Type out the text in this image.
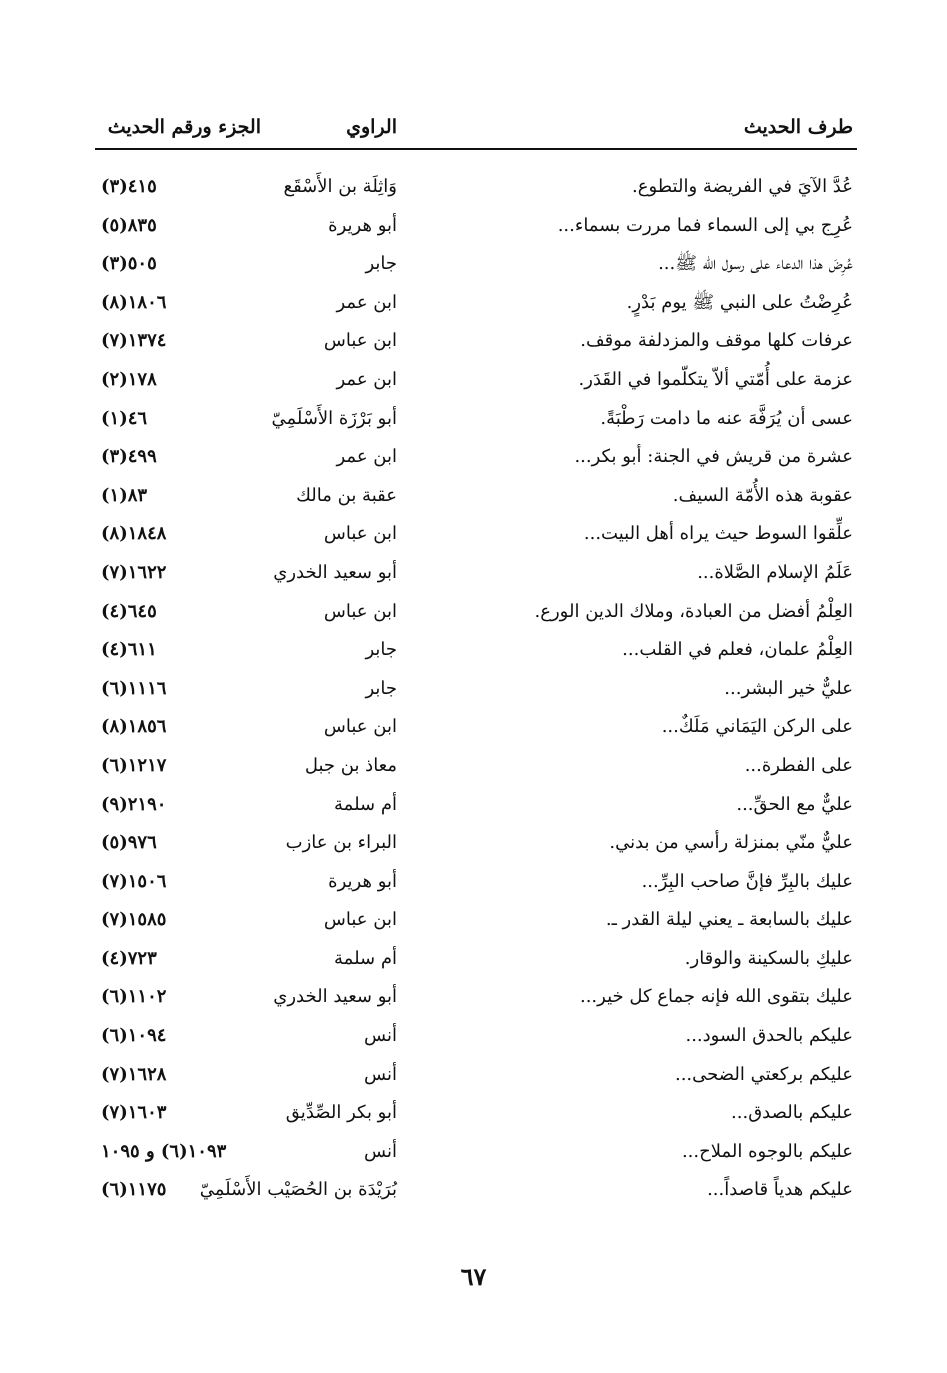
طرف الحديث
الراوي
الجزء ورقم الحديث
عُدَّ الآيَ في الفريضة والتطوع.
وَاثِلَة بن الأَسْقَع
٤١٥(٣)
عُرِج بي إلى السماء فما مررت بسماء...
أبو هريرة
٨٣٥(٥)
عُرِضَ هذا الدعاء على رسول الله ﷺ...
جابر
٥٠٥(٣)
عُرِضْتُ على النبي ﷺ يوم بَدْرٍ.
ابن عمر
١٨٠٦(٨)
عرفات كلها موقف والمزدلفة موقف.
ابن عباس
١٣٧٤(٧)
عزمة على أُمّتي ألاّ يتكلّموا في القَدَر.
ابن عمر
١٧٨(٢)
عسى أن يُرَفَّهَ عنه ما دامت رَطْبَةً.
أبو بَرْزَة الأَسْلَمِيّ
٤٦(١)
عشرة من قريش في الجنة: أبو بكر...
ابن عمر
٤٩٩(٣)
عقوبة هذه الأُمّة السيف.
عقبة بن مالك
٨٣(١)
علِّقوا السوط حيث يراه أهل البيت...
ابن عباس
١٨٤٨(٨)
عَلَمُ الإسلام الصَّلاة...
أبو سعيد الخدري
١٦٢٢(٧)
العِلْمُ أفضل من العبادة، وملاك الدين الورع.
ابن عباس
٦٤٥(٤)
العِلْمُ علمان، فعلم في القلب...
جابر
٦١١(٤)
عليٌّ خير البشر...
جابر
١١١٦(٦)
على الركن اليَمَاني مَلَكٌ...
ابن عباس
١٨٥٦(٨)
على الفطرة...
معاذ بن جبل
١٢١٧(٦)
عليٌّ مع الحقِّ...
أم سلمة
٢١٩٠(٩)
عليٌّ منّي بمنزلة رأسي من بدني.
البراء بن عازب
٩٧٦(٥)
عليك بالبِرِّ فإنَّ صاحب البِرِّ...
أبو هريرة
١٥٠٦(٧)
عليك بالسابعة ـ يعني ليلة القدر ـ.
ابن عباس
١٥٨٥(٧)
عليكِ بالسكينة والوقار.
أم سلمة
٧٢٣(٤)
عليك بتقوى الله فإنه جماع كل خير...
أبو سعيد الخدري
١١٠٢(٦)
عليكم بالحدق السود...
أنس
١٠٩٤(٦)
عليكم بركعتي الضحى...
أنس
١٦٢٨(٧)
عليكم بالصدق...
أبو بكر الصِّدِّيق
١٦٠٣(٧)
عليكم بالوجوه الملاح...
أنس
١٠٩٣(٦) و ١٠٩٥
عليكم هدياً قاصداً...
بُرَيْدَة بن الحُصَيْب الأَسْلَمِيّ
١١٧٥(٦)
٦٧
